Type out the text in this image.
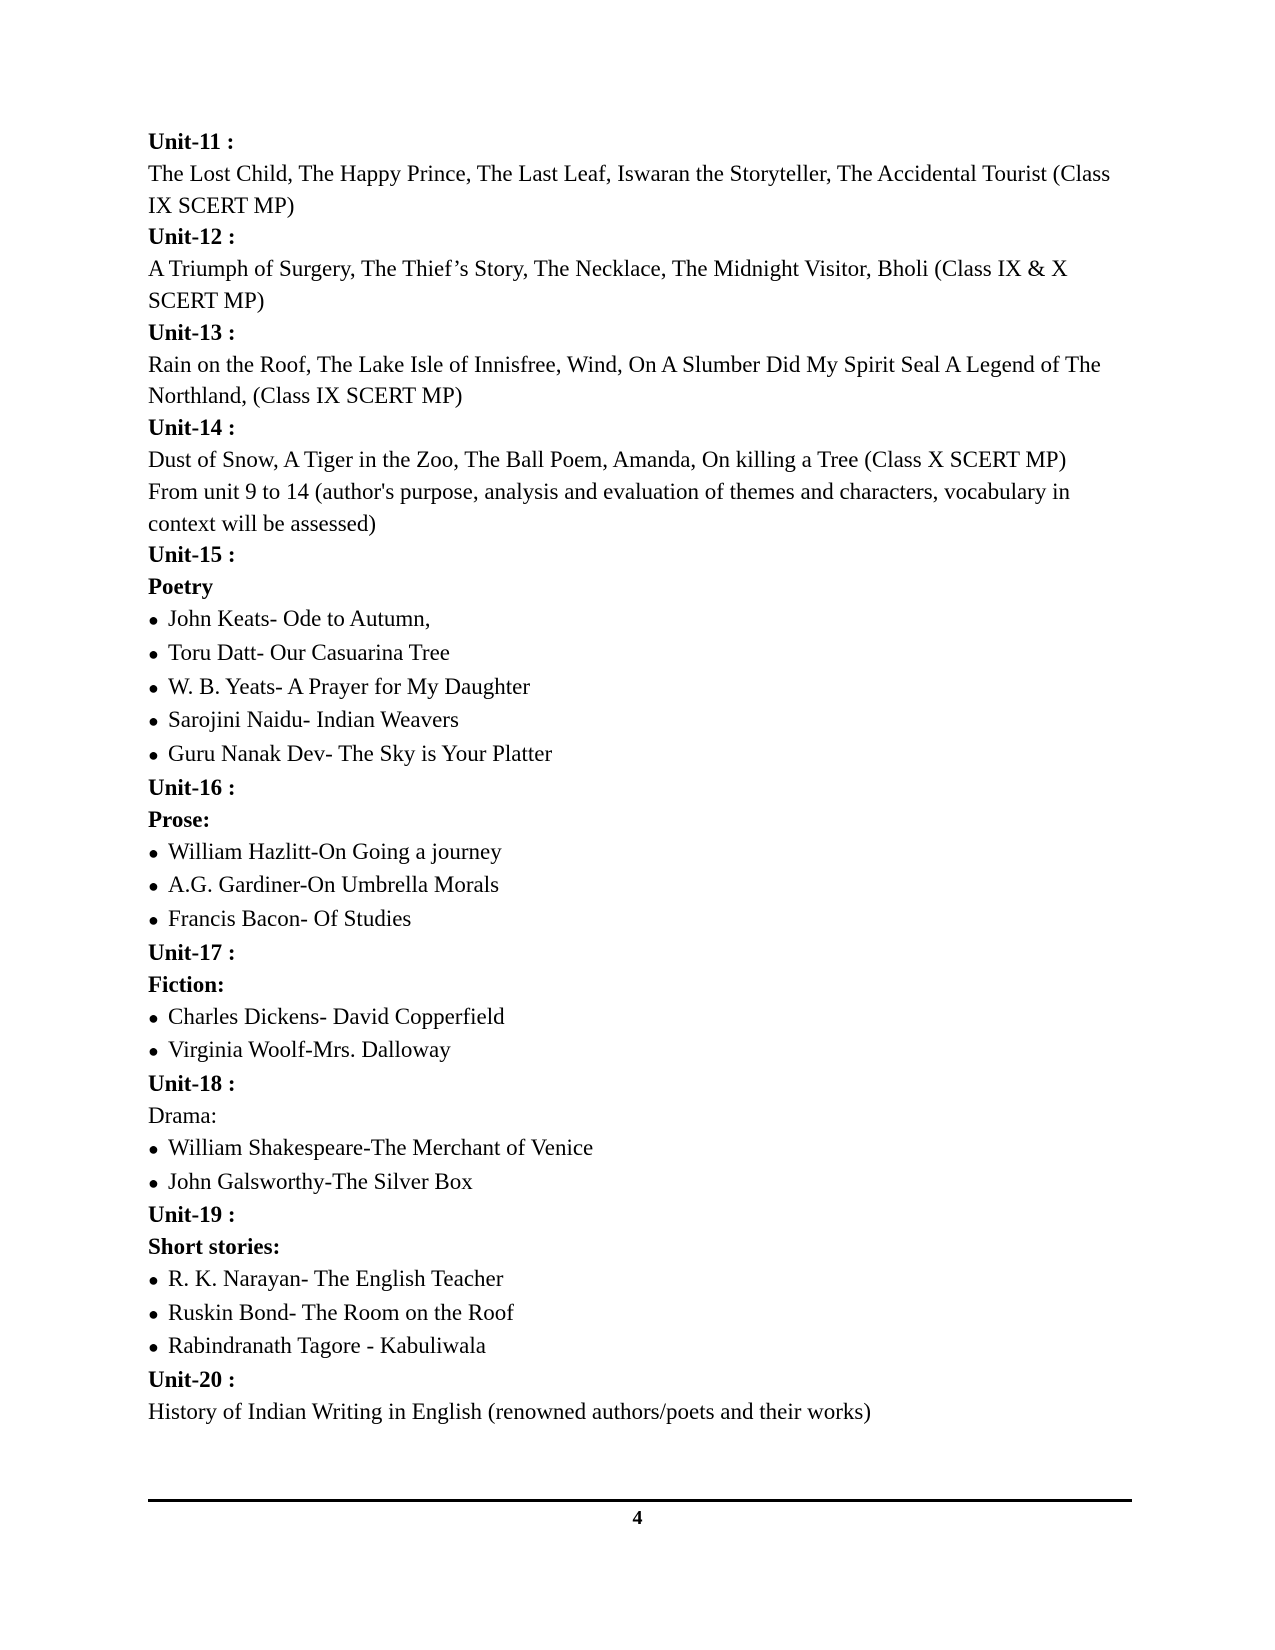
Unit-11 :
The Lost Child, The Happy Prince, The Last Leaf, Iswaran the Storyteller, The Accidental Tourist (Class IX SCERT MP)
Unit-12 :
A Triumph of Surgery, The Thief’s Story, The Necklace, The Midnight Visitor, Bholi (Class IX & X SCERT MP)
Unit-13 :
Rain on the Roof, The Lake Isle of Innisfree, Wind, On A Slumber Did My Spirit Seal A Legend of The Northland, (Class IX SCERT MP)
Unit-14 :
Dust of Snow, A Tiger in the Zoo, The Ball Poem, Amanda, On killing a Tree (Class X SCERT MP)
From unit 9 to 14 (author's purpose, analysis and evaluation of themes and characters, vocabulary in context will be assessed)
Unit-15 :
Poetry
● John Keats- Ode to Autumn,
● Toru Datt- Our Casuarina Tree
● W. B. Yeats- A Prayer for My Daughter
● Sarojini Naidu- Indian Weavers
● Guru Nanak Dev- The Sky is Your Platter
Unit-16 :
Prose:
● William Hazlitt-On Going a journey
● A.G. Gardiner-On Umbrella Morals
● Francis Bacon- Of Studies
Unit-17 :
Fiction:
● Charles Dickens- David Copperfield
● Virginia Woolf-Mrs. Dalloway
Unit-18 :
Drama:
● William Shakespeare-The Merchant of Venice
● John Galsworthy-The Silver Box
Unit-19 :
Short stories:
● R. K. Narayan- The English Teacher
● Ruskin Bond- The Room on the Roof
● Rabindranath Tagore - Kabuliwala
Unit-20 :
History of Indian Writing in English (renowned authors/poets and their works)
4
